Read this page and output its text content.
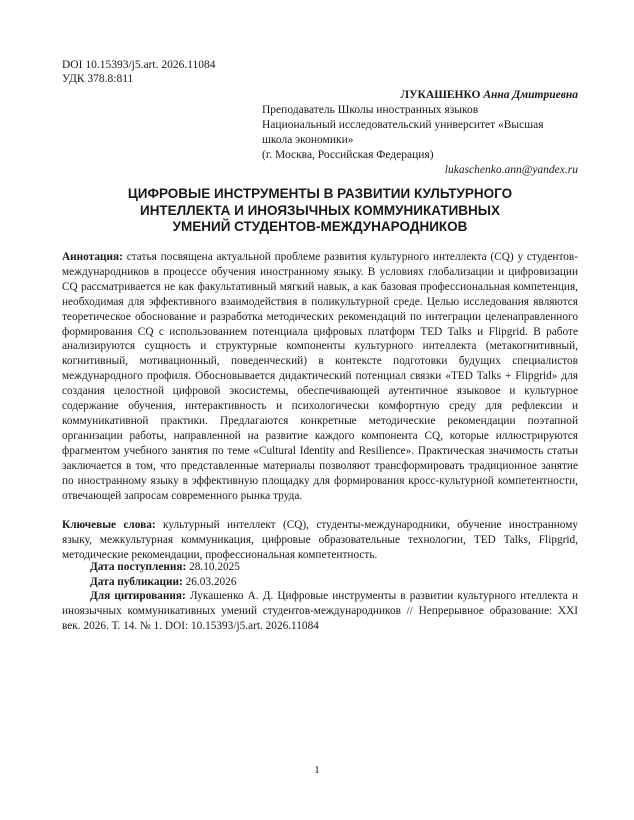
DOI 10.15393/j5.art. 2026.11084
УДК 378.8:811
ЛУКАШЕНКО Анна Дмитриевна
Преподаватель Школы иностранных языков
Национальный исследовательский университет «Высшая
школа экономики»
(г. Москва, Российская Федерация)
lukaschenko.ann@yandex.ru
ЦИФРОВЫЕ ИНСТРУМЕНТЫ В РАЗВИТИИ КУЛЬТУРНОГО
ИНТЕЛЛЕКТА И ИНОЯЗЫЧНЫХ КОММУНИКАТИВНЫХ
УМЕНИЙ СТУДЕНТОВ-МЕЖДУНАРОДНИКОВ
Аннотация: статья посвящена актуальной проблеме развития культурного интеллекта (CQ) у студентов-международников в процессе обучения иностранному языку. В условиях глобализации и цифровизации CQ рассматривается не как факультативный мягкий навык, а как базовая профессиональная компетенция, необходимая для эффективного взаимодействия в поликультурной среде. Целью исследования являются теоретическое обоснование и разработка методических рекомендаций по интеграции целенаправленного формирования CQ с использованием потенциала цифровых платформ TED Talks и Flipgrid. В работе анализируются сущность и структурные компоненты культурного интеллекта (метакогнитивный, когнитивный, мотивационный, поведенческий) в контексте подготовки будущих специалистов международного профиля. Обосновывается дидактический потенциал связки «TED Talks + Flipgrid» для создания целостной цифровой экосистемы, обеспечивающей аутентичное языковое и культурное содержание обучения, интерактивность и психологически комфортную среду для рефлексии и коммуникативной практики. Предлагаются конкретные методические рекомендации поэтапной организации работы, направленной на развитие каждого компонента CQ, которые иллюстрируются фрагментом учебного занятия по теме «Cultural Identity and Resilience». Практическая значимость статьи заключается в том, что представленные материалы позволяют трансформировать традиционное занятие по иностранному языку в эффективную площадку для формирования кросс-культурной компетентности, отвечающей запросам современного рынка труда.
Ключевые слова: культурный интеллект (CQ), студенты-международники, обучение иностранному языку, межкультурная коммуникация, цифровые образовательные технологии, TED Talks, Flipgrid, методические рекомендации, профессиональная компетентность.
Дата поступления: 28.10.2025
Дата публикации: 26.03.2026
Для цитирования: Лукашенко А. Д. Цифровые инструменты в развитии культурного нтеллекта и иноязычных коммуникативных умений студентов-международников // Непрерывное образование: XXI век. 2026. Т. 14. № 1. DOI: 10.15393/j5.art. 2026.11084
1
